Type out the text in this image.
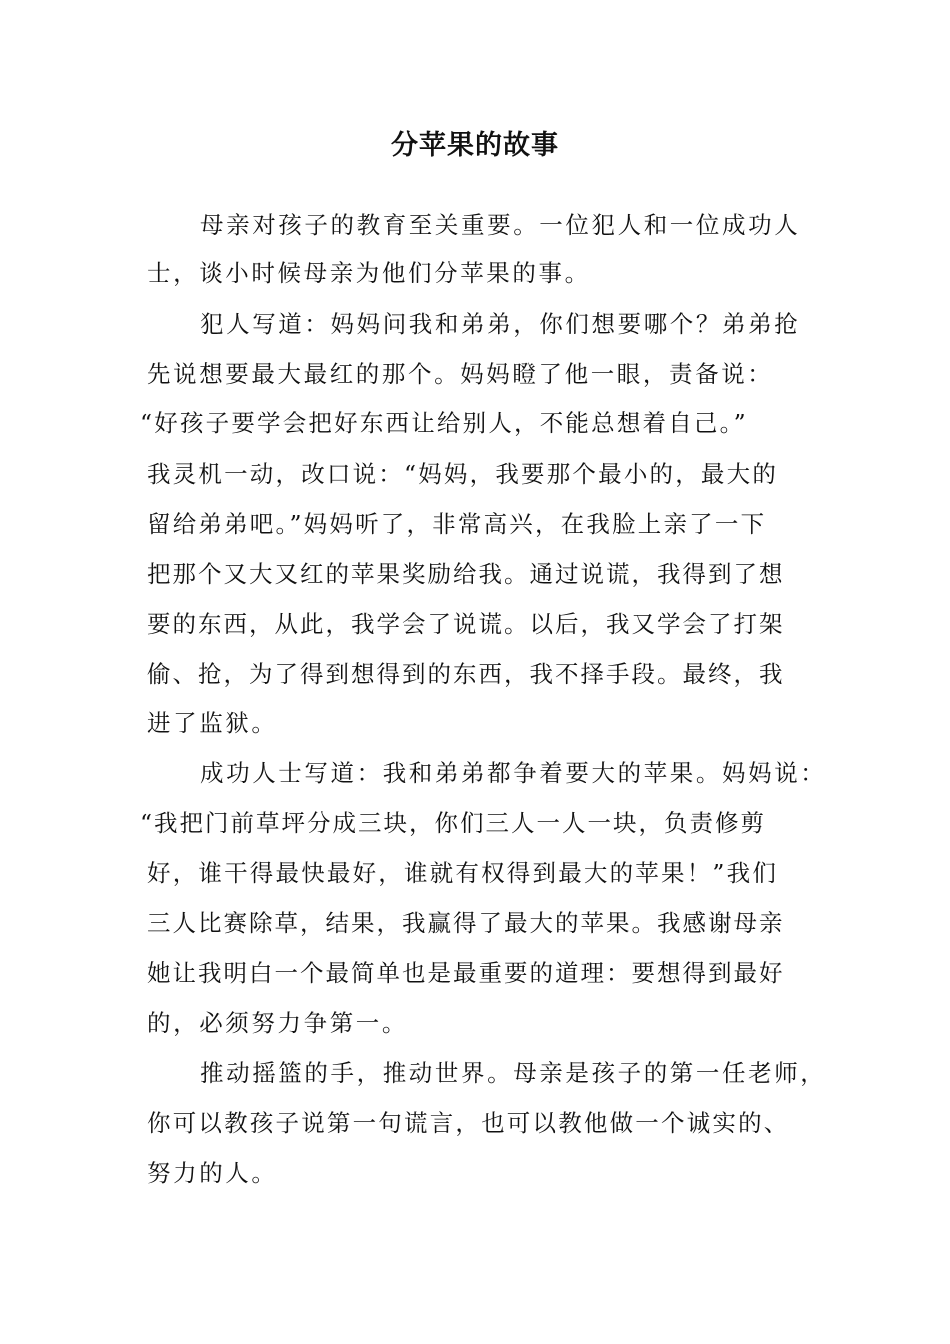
分苹果的故事
母亲对孩子的教育至关重要。一位犯人和一位成功人
士，谈小时候母亲为他们分苹果的事。
犯人写道：妈妈问我和弟弟，你们想要哪个？弟弟抢
先说想要最大最红的那个。妈妈瞪了他一眼，责备说：
“好孩子要学会把好东西让给别人，不能总想着自己。”
我灵机一动，改口说：“妈妈，我要那个最小的，最大的
留给弟弟吧。”妈妈听了，非常高兴，在我脸上亲了一下
把那个又大又红的苹果奖励给我。通过说谎，我得到了想
要的东西，从此，我学会了说谎。以后，我又学会了打架
偷、抢，为了得到想得到的东西，我不择手段。最终，我
进了监狱。
成功人士写道：我和弟弟都争着要大的苹果。妈妈说：
“我把门前草坪分成三块，你们三人一人一块，负责修剪
好，谁干得最快最好，谁就有权得到最大的苹果！”我们
三人比赛除草，结果，我赢得了最大的苹果。我感谢母亲
她让我明白一个最简单也是最重要的道理：要想得到最好
的，必须努力争第一。
推动摇篮的手，推动世界。母亲是孩子的第一任老师，
你可以教孩子说第一句谎言，也可以教他做一个诚实的、
努力的人。
